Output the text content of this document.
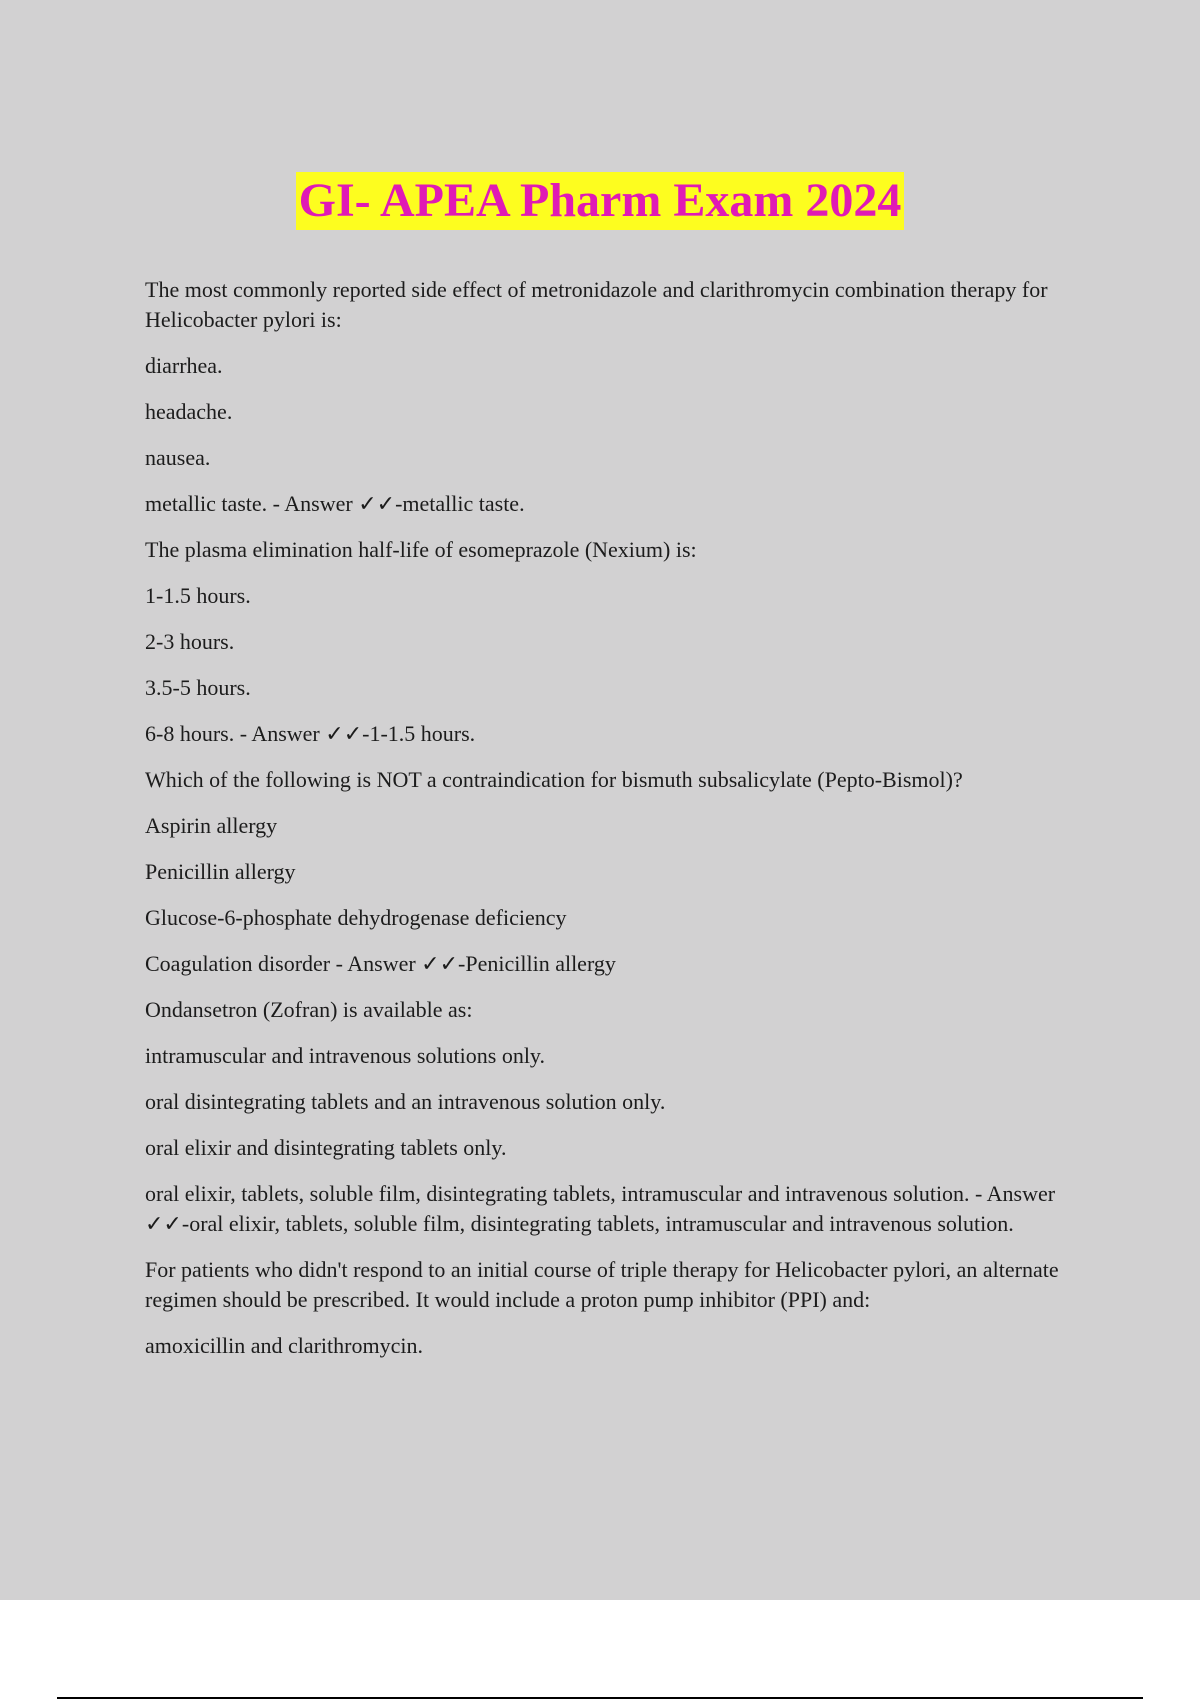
GI- APEA Pharm Exam 2024

The most commonly reported side effect of metronidazole and clarithromycin combination therapy for Helicobacter pylori is:

diarrhea.

headache.

nausea.

metallic taste. - Answer ✓✓-metallic taste.

The plasma elimination half-life of esomeprazole (Nexium) is:

1-1.5 hours.

2-3 hours.

3.5-5 hours.

6-8 hours. - Answer ✓✓-1-1.5 hours.

Which of the following is NOT a contraindication for bismuth subsalicylate (Pepto-Bismol)?

Aspirin allergy

Penicillin allergy

Glucose-6-phosphate dehydrogenase deficiency

Coagulation disorder - Answer ✓✓-Penicillin allergy

Ondansetron (Zofran) is available as:

intramuscular and intravenous solutions only.

oral disintegrating tablets and an intravenous solution only.

oral elixir and disintegrating tablets only.

oral elixir, tablets, soluble film, disintegrating tablets, intramuscular and intravenous solution. - Answer ✓✓-oral elixir, tablets, soluble film, disintegrating tablets, intramuscular and intravenous solution.

For patients who didn't respond to an initial course of triple therapy for Helicobacter pylori, an alternate regimen should be prescribed. It would include a proton pump inhibitor (PPI) and:

amoxicillin and clarithromycin.
